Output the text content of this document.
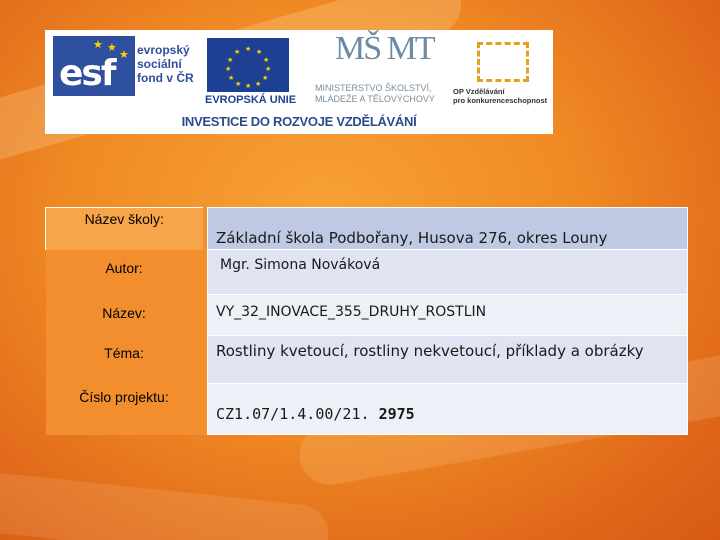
★ ★
★
esf
evropský
sociální
fond v ČR
★ ★
★
★
★
★
★
★
★
★
★
★
EVROPSKÁ UNIE
MŠ MT
MINISTERSTVO ŠKOLSTVÍ,
MLÁDEŽE A TĚLOVÝCHOVY
OP Vzdělávání
pro konkurenceschopnost
INVESTICE DO ROZVOJE VZDĚLÁVÁNÍ
Název školy:		Základní škola Podbořany, Husova 276, okres Louny
Autor:		Mgr. Simona Nováková
Název:		VY_32_INOVACE_355_DRUHY_ROSTLIN
Téma:		Rostliny kvetoucí, rostliny nekvetoucí, příklady a obrázky
Číslo projektu:		CZ1.07/1.4.00/21. 2975
